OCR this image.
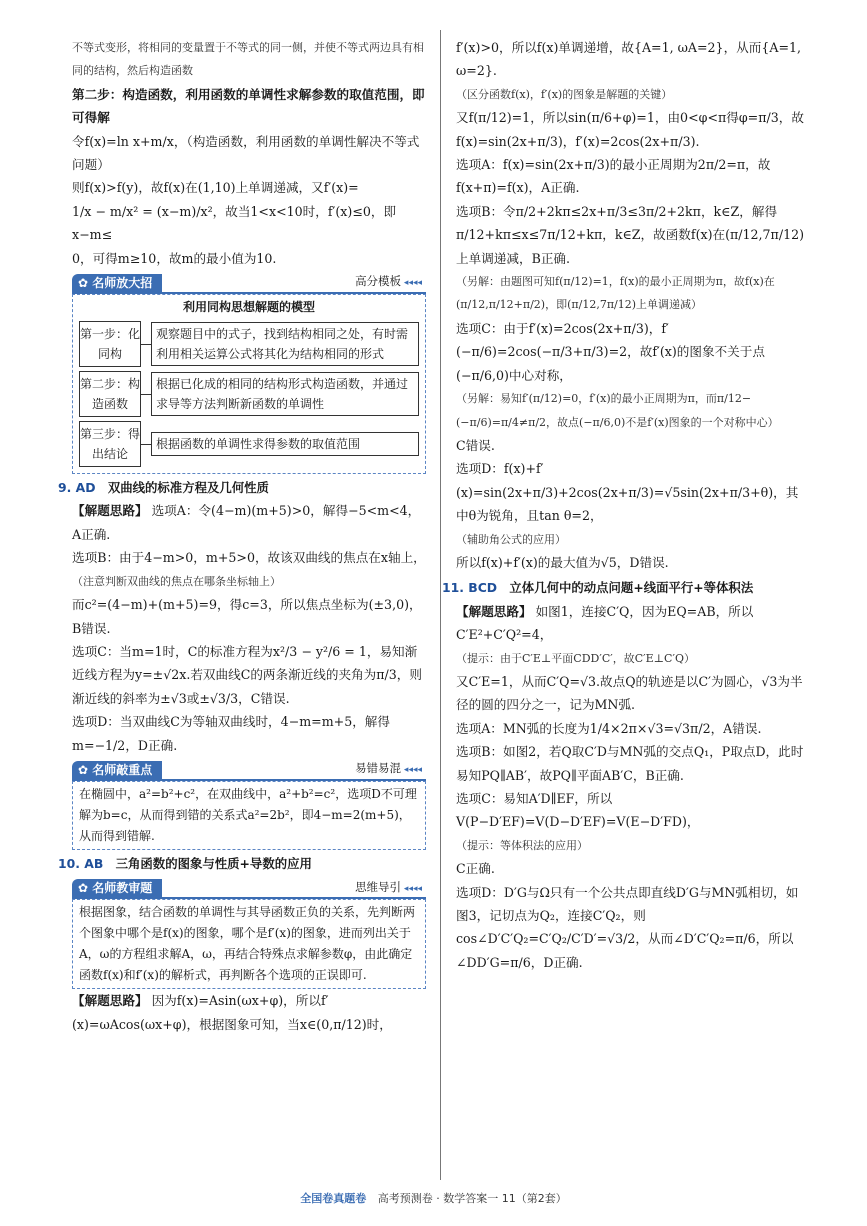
不等式变形，将相同的变量置于不等式的同一侧，并使不等式两边具有相同的结构，然后构造函数

第二步：构造函数，利用函数的单调性求解参数的取值范围，即可得解

令f(x)=ln x+m/x，（构造函数，利用函数的单调性解决不等式问题）

则f(x)>f(y)，故f(x)在(1,10)上单调递减，又f′(x)=

1/x − m/x² = (x−m)/x²，故当1<x<10时，f′(x)≤0，即x−m≤

0，可得m≥10，故m的最小值为10.

✿ 名师放大招	高分模板 ◂◂◂◂
利用同构思想解题的模型
第一步：化同构
观察题目中的式子，找到结构相同之处，有时需利用相关运算公式将其化为结构相同的形式
第二步：构造函数
根据已化成的相同的结构形式构造函数，并通过求导等方法判断新函数的单调性
第三步：得出结论
根据函数的单调性求得参数的取值范围

9. AD 双曲线的标准方程及几何性质

【解题思路】 选项A：令(4−m)(m+5)>0，解得−5<m<4，A正确.

选项B：由于4−m>0，m+5>0，故该双曲线的焦点在x轴上，

（注意判断双曲线的焦点在哪条坐标轴上）

而c²=(4−m)+(m+5)=9，得c=3，所以焦点坐标为(±3,0)，B错误.

选项C：当m=1时，C的标准方程为x²/3 − y²/6 = 1，易知渐近线方程为y=±√2x.若双曲线C的两条渐近线的夹角为π/3，则渐近线的斜率为±√3或±√3/3，C错误.

选项D：当双曲线C为等轴双曲线时，4−m=m+5，解得m=−1/2，D正确.

✿ 名师敲重点	易错易混 ◂◂◂◂

在椭圆中，a²=b²+c²，在双曲线中，a²+b²=c²，选项D不可理解为b=c，从而得到错的关系式a²=2b²，即4−m=2(m+5)，从而得到错解.

10. AB 三角函数的图象与性质+导数的应用

✿ 名师教审题	思维导引 ◂◂◂◂

根据图象，结合函数的单调性与其导函数正负的关系，先判断两个图象中哪个是f(x)的图象，哪个是f′(x)的图象，进而列出关于A，ω的方程组求解A，ω，再结合特殊点求解参数φ，由此确定函数f(x)和f′(x)的解析式，再判断各个选项的正误即可.

【解题思路】 因为f(x)=Asin(ωx+φ)，所以f′(x)=ωAcos(ωx+φ)，根据图象可知，当x∈(0,π/12)时，

f′(x)>0，所以f(x)单调递增，故{A=1, ωA=2}，从而{A=1, ω=2}.

（区分函数f(x)，f′(x)的图象是解题的关键）

又f(π/12)=1，所以sin(π/6+φ)=1，由0<φ<π得φ=π/3，故f(x)=sin(2x+π/3)，f′(x)=2cos(2x+π/3).

选项A：f(x)=sin(2x+π/3)的最小正周期为2π/2=π，故f(x+π)=f(x)，A正确.

选项B：令π/2+2kπ≤2x+π/3≤3π/2+2kπ，k∈Z，解得π/12+kπ≤x≤7π/12+kπ，k∈Z，故函数f(x)在(π/12,7π/12)上单调递减，B正确.

（另解：由题图可知f(π/12)=1，f(x)的最小正周期为π，故f(x)在(π/12,π/12+π/2)，即(π/12,7π/12)上单调递减）

选项C：由于f′(x)=2cos(2x+π/3)，f′(−π/6)=2cos(−π/3+π/3)=2，故f′(x)的图象不关于点(−π/6,0)中心对称，

（另解：易知f′(π/12)=0，f′(x)的最小正周期为π，而π/12−(−π/6)=π/4≠π/2，故点(−π/6,0)不是f′(x)图象的一个对称中心）

C错误.

选项D：f(x)+f′(x)=sin(2x+π/3)+2cos(2x+π/3)=√5sin(2x+π/3+θ)，其中θ为锐角，且tan θ=2，

（辅助角公式的应用）

所以f(x)+f′(x)的最大值为√5，D错误.

11. BCD 立体几何中的动点问题+线面平行+等体积法

【解题思路】 如图1，连接C′Q，因为EQ=AB，所以C′E²+C′Q²=4，

（提示：由于C′E⊥平面CDD′C′，故C′E⊥C′Q）

又C′E=1，从而C′Q=√3.故点Q的轨迹是以C′为圆心，√3为半径的圆的四分之一，记为MN弧.

选项A：MN弧的长度为1/4×2π×√3=√3π/2，A错误.

选项B：如图2，若Q取C′D与MN弧的交点Q₁，P取点D，此时易知PQ∥AB′，故PQ∥平面AB′C，B正确.

选项C：易知A′D∥EF，所以V(P−D′EF)=V(D−D′EF)=V(E−D′FD)，

（提示：等体积法的应用）

C正确.

选项D：D′G与Ω只有一个公共点即直线D′G与MN弧相切，如图3，记切点为Q₂，连接C′Q₂，则cos∠D′C′Q₂=C′Q₂/C′D′=√3/2，从而∠D′C′Q₂=π/6，所以∠DD′G=π/6，D正确.

全国卷真题卷 高考预测卷 · 数学答案一 11（第2套）
